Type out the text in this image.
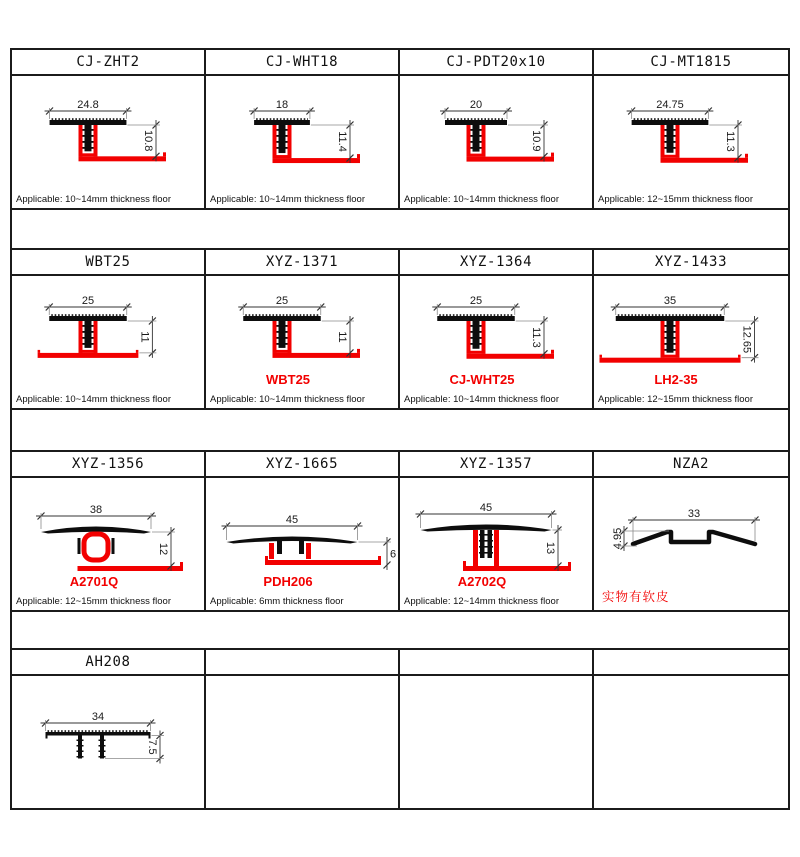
CJ-ZHT2	CJ-WHT18	CJ-PDT20x10	CJ-MT1815
24.8
10.8
Applicable: 10~14mm thickness floor
18
11.4
Applicable: 10~14mm thickness floor
20
10.9
Applicable: 10~14mm thickness floor
24.75
11.3
Applicable: 12~15mm thickness floor
WBT25	XYZ-1371	XYZ-1364	XYZ-1433
25
11
Applicable: 10~14mm thickness floor
25
11
WBT25
Applicable: 10~14mm thickness floor
25
11.3
CJ-WHT25
Applicable: 10~14mm thickness floor
35
12.65
LH2-35
Applicable: 12~15mm thickness floor
XYZ-1356	XYZ-1665	XYZ-1357	NZA2
38
12
A2701Q
Applicable: 12~15mm thickness floor
45
6
PDH206
Applicable: 6mm thickness floor
45
13
A2702Q
Applicable: 12~14mm thickness floor
33
4.95
实物有软皮
AH208
34
7.5
